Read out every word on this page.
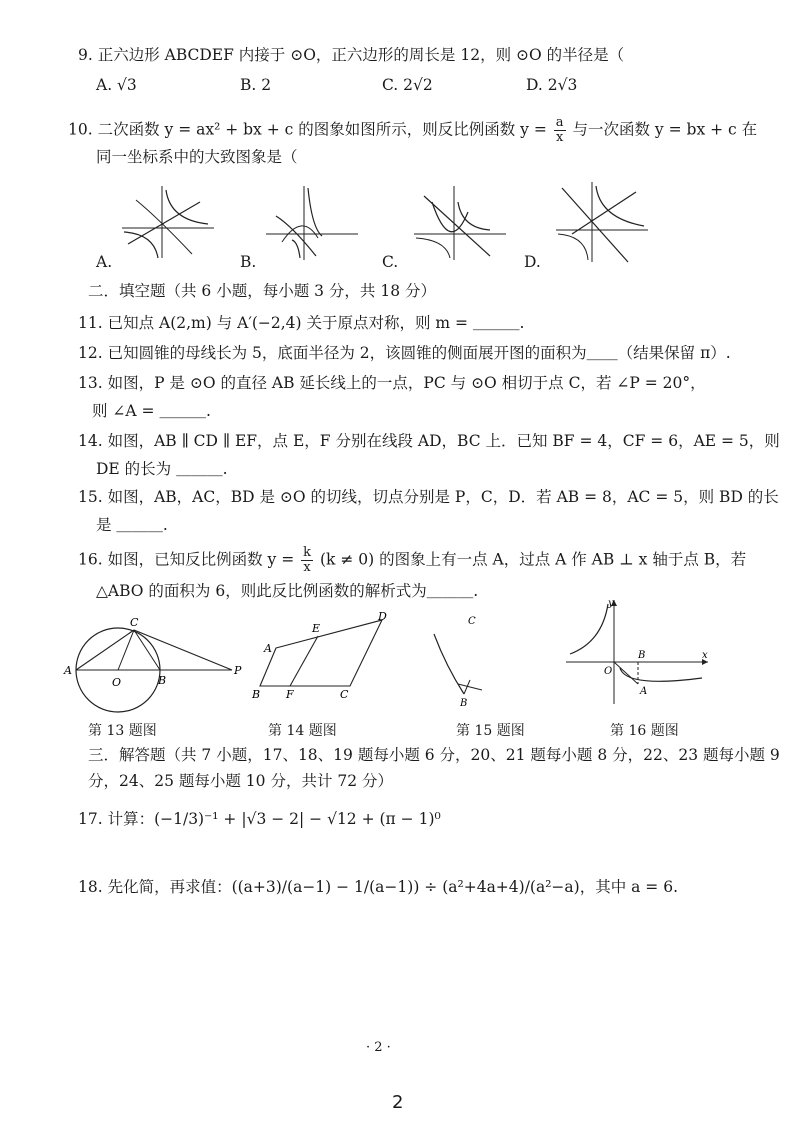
9. 正六边形 ABCDEF 内接于 ⊙O，正六边形的周长是 12，则 ⊙O 的半径是（
A. √3	B. 2	C. 2√2	D. 2√3
10. 二次函数 y = ax² + bx + c 的图象如图所示，则反比例函数 $y = \frac{a}{x}$ 与一次函数 y = bx + c 在
同一坐标系中的大致图象是（
A.	B.	C.	D.
二．填空题（共 6 小题，每小题 3 分，共 18 分）
11. 已知点 A(2,m) 与 A′(−2,4) 关于原点对称，则 m = ＿＿＿.
12. 已知圆锥的母线长为 5，底面半径为 2，该圆锥的侧面展开图的面积为＿＿（结果保留 π）.
13. 如图，P 是 ⊙O 的直径 AB 延长线上的一点，PC 与 ⊙O 相切于点 C，若 ∠P = 20°，
则 ∠A = ＿＿＿.
14. 如图，AB ∥ CD ∥ EF，点 E，F 分别在线段 AD，BC 上．已知 BF = 4，CF = 6，AE = 5，则
DE 的长为 ＿＿＿.
15. 如图，AB，AC，BD 是 ⊙O 的切线，切点分别是 P，C，D．若 AB = 8，AC = 5，则 BD 的长
是 ＿＿＿.
16. 如图，已知反比例函数 $y = \frac{k}{x} (k \ne 0)$ 的图象上有一点 A，过点 A 作 AB ⊥ x 轴于点 B，若
△ABO 的面积为 6，则此反比例函数的解析式为＿＿＿.
A
C
O	B
P
第 13 题图
A
E
D
B F	C
第 14 题图
C
B
第 15 题图
y
x
O
B
A
第 16 题图
三．解答题（共 7 小题，17、18、19 题每小题 6 分，20、21 题每小题 8 分，22、23 题每小题 9
分，24、25 题每小题 10 分，共计 72 分）
17. 计算：(−1/3)⁻¹ + |√3 − 2| − √12 + (π − 1)⁰
18. 先化简，再求值：((a+3)/(a−1) − 1/(a−1)) ÷ (a²+4a+4)/(a²−a)，其中 a = 6.
· 2 ·
2
